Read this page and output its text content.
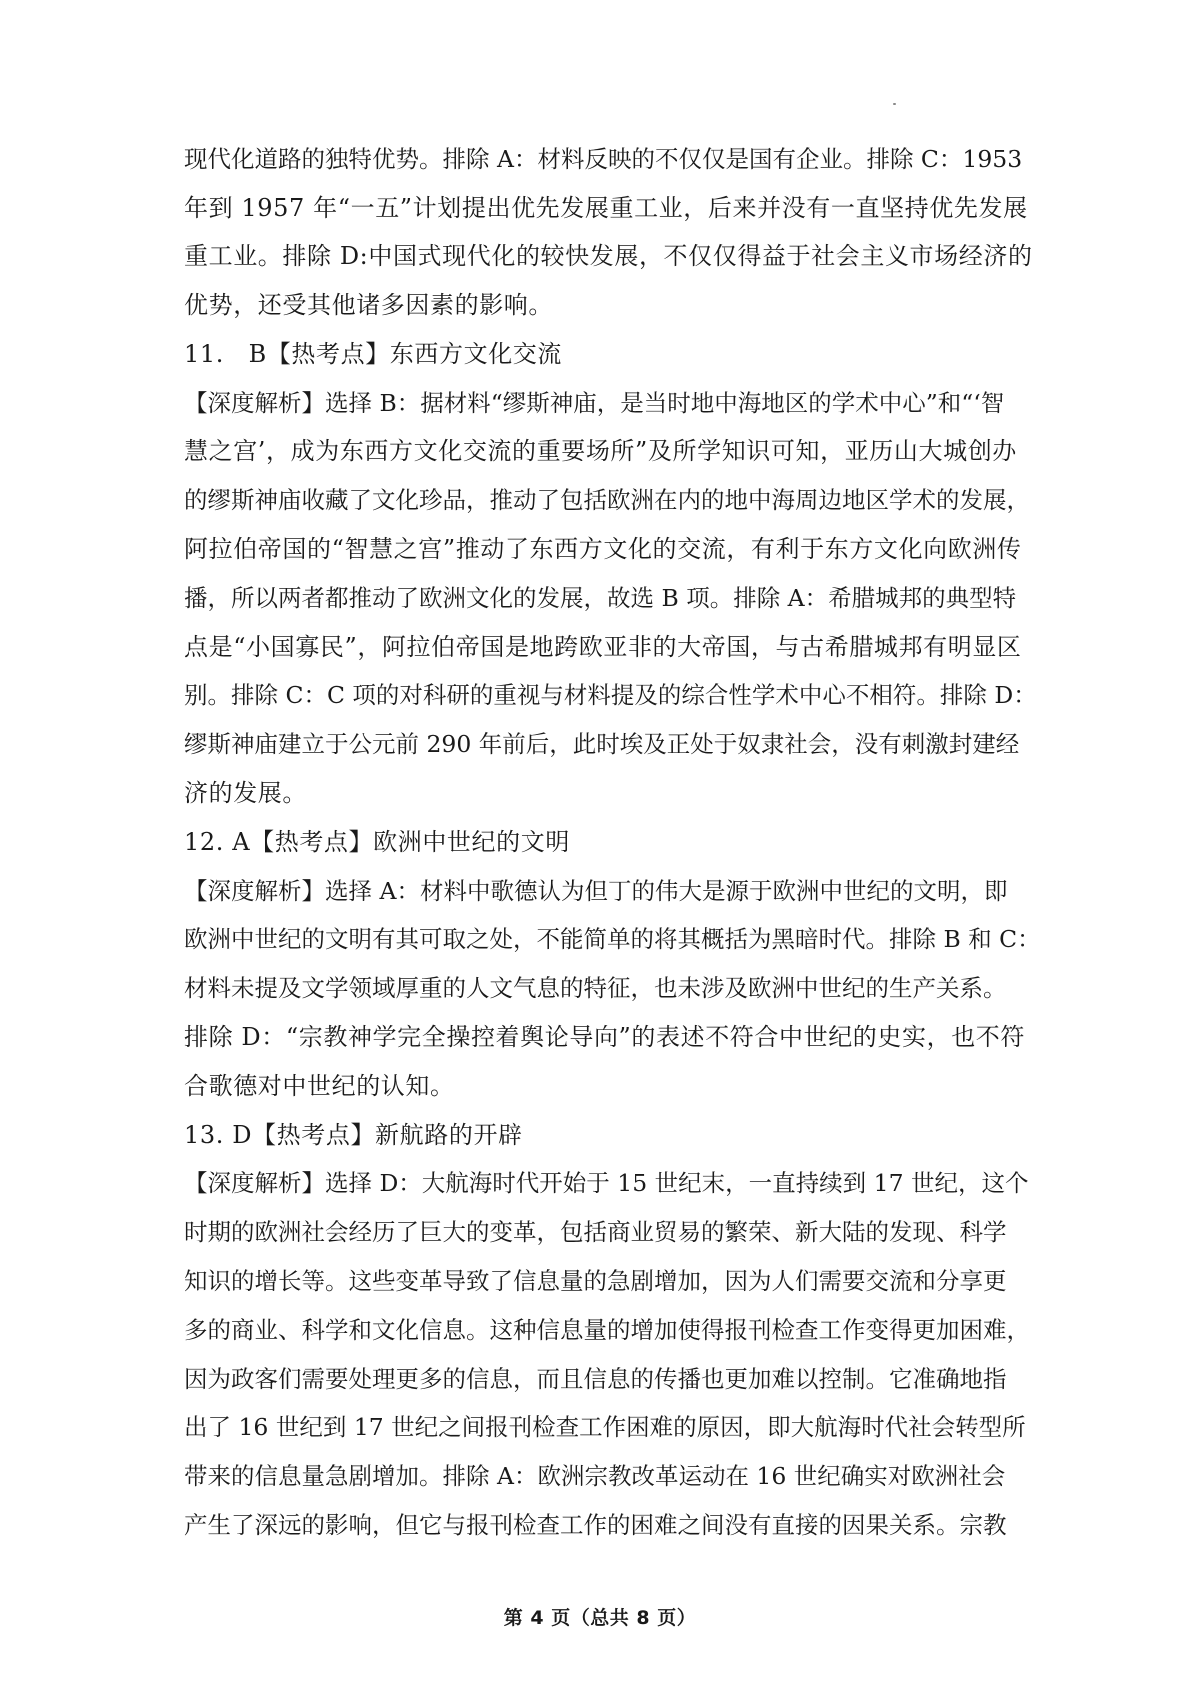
现代化道路的独特优势。排除 A：材料反映的不仅仅是国有企业。排除 C：1953
年到 1957 年“一五”计划提出优先发展重工业，后来并没有一直坚持优先发展
重工业。排除 D:中国式现代化的较快发展，不仅仅得益于社会主义市场经济的
优势，还受其他诸多因素的影响。
11.　B【热考点】东西方文化交流
【深度解析】选择 B：据材料“缪斯神庙，是当时地中海地区的学术中心”和“‘智
慧之宫’，成为东西方文化交流的重要场所”及所学知识可知，亚历山大城创办
的缪斯神庙收藏了文化珍品，推动了包括欧洲在内的地中海周边地区学术的发展，
阿拉伯帝国的“智慧之宫”推动了东西方文化的交流，有利于东方文化向欧洲传
播，所以两者都推动了欧洲文化的发展，故选 B 项。排除 A：希腊城邦的典型特
点是“小国寡民”，阿拉伯帝国是地跨欧亚非的大帝国，与古希腊城邦有明显区
别。排除 C：C 项的对科研的重视与材料提及的综合性学术中心不相符。排除 D：
缪斯神庙建立于公元前 290 年前后，此时埃及正处于奴隶社会，没有刺激封建经
济的发展。
12. A【热考点】欧洲中世纪的文明
【深度解析】选择 A：材料中歌德认为但丁的伟大是源于欧洲中世纪的文明，即
欧洲中世纪的文明有其可取之处，不能简单的将其概括为黑暗时代。排除 B 和 C：
材料未提及文学领域厚重的人文气息的特征，也未涉及欧洲中世纪的生产关系。
排除 D：“宗教神学完全操控着舆论导向”的表述不符合中世纪的史实，也不符
合歌德对中世纪的认知。
13. D【热考点】新航路的开辟
【深度解析】选择 D：大航海时代开始于 15 世纪末，一直持续到 17 世纪，这个
时期的欧洲社会经历了巨大的变革，包括商业贸易的繁荣、新大陆的发现、科学
知识的增长等。这些变革导致了信息量的急剧增加，因为人们需要交流和分享更
多的商业、科学和文化信息。这种信息量的增加使得报刊检查工作变得更加困难，
因为政客们需要处理更多的信息，而且信息的传播也更加难以控制。它准确地指
出了 16 世纪到 17 世纪之间报刊检查工作困难的原因，即大航海时代社会转型所
带来的信息量急剧增加。排除 A：欧洲宗教改革运动在 16 世纪确实对欧洲社会
产生了深远的影响，但它与报刊检查工作的困难之间没有直接的因果关系。宗教
第 4 页（总共 8 页）
